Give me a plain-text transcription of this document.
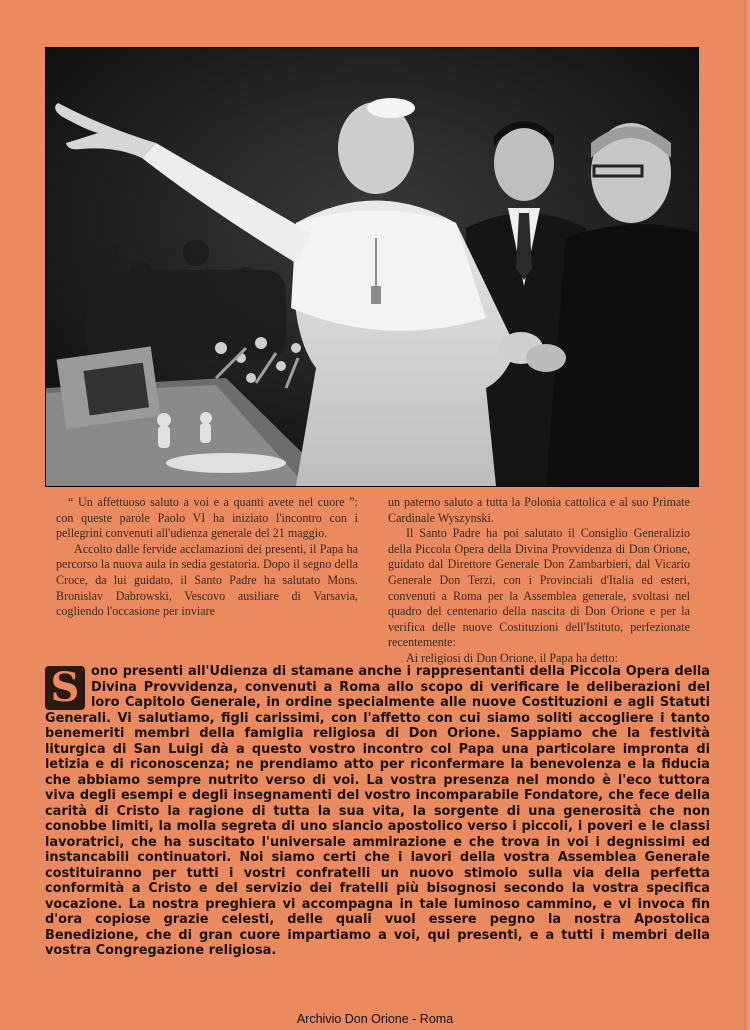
“ Un affettuoso saluto a voi e a quanti avete nel cuore ”: con queste parole Paolo VI ha iniziato l'incontro con i pellegrini convenuti all'udienza generale del 21 maggio.

Accolto dalle fervide acclamazioni dei presenti, il Papa ha percorso la nuova aula in sedia gestatoria. Dopo il segno della Croce, da lui guidato, il Santo Padre ha salutato Mons. Bronislav Dabrowski, Vescovo ausiliare di Varsavia, cogliendo l'occasione per inviare

un paterno saluto a tutta la Polonia cattolica e al suo Primate Cardinale Wyszynski.

Il Santo Padre ha poi salutato il Consiglio Generalizio della Piccola Opera della Divina Provvidenza di Don Orione, guidato dal Direttore Generale Don Zambarbieri, dal Vicario Generale Don Terzi, con i Provinciali d'Italia ed esteri, convenuti a Roma per la Assemblea generale, svoltasi nel quadro del centenario della nascita di Don Orione e per la verifica delle nuove Costituzioni dell'Istituto, perfezionate recentemente:

Ai religiosi di Don Orione, il Papa ha detto:

S ono presenti all'Udienza di stamane anche i rappresentanti della Piccola Opera della Divina Provvidenza, convenuti a Roma allo scopo di verificare le deliberazioni del loro Capitolo Generale, in ordine specialmente alle nuove Costituzioni e agli Statuti Generali. Vi salutiamo, figli carissimi, con l'affetto con cui siamo soliti accogliere i tanto benemeriti membri della famiglia religiosa di Don Orione. Sappiamo che la festività liturgica di San Luigi dà a questo vostro incontro col Papa una particolare impronta di letizia e di riconoscenza; ne prendiamo atto per riconfermare la benevolenza e la fiducia che abbiamo sempre nutrito verso di voi. La vostra presenza nel mondo è l'eco tuttora viva degli esempi e degli insegnamenti del vostro incomparabile Fondatore, che fece della carità di Cristo la ragione di tutta la sua vita, la sorgente di una generosità che non conobbe limiti, la molla segreta di uno slancio apostolico verso i piccoli, i poveri e le classi lavoratrici, che ha suscitato l'universale ammirazione e che trova in voi i degnissimi ed instancabili continuatori. Noi siamo certi che i lavori della vostra Assemblea Generale costituiranno per tutti i vostri confratelli un nuovo stimolo sulla via della perfetta conformità a Cristo e del servizio dei fratelli più bisognosi secondo la vostra specifica vocazione. La nostra preghiera vi accompagna in tale luminoso cammino, e vi invoca fin d'ora copiose grazie celesti, delle quali vuol essere pegno la nostra Apostolica Benedizione, che di gran cuore impartiamo a voi, qui presenti, e a tutti i membri della vostra Congregazione religiosa.
Archivio Don Orione - Roma
